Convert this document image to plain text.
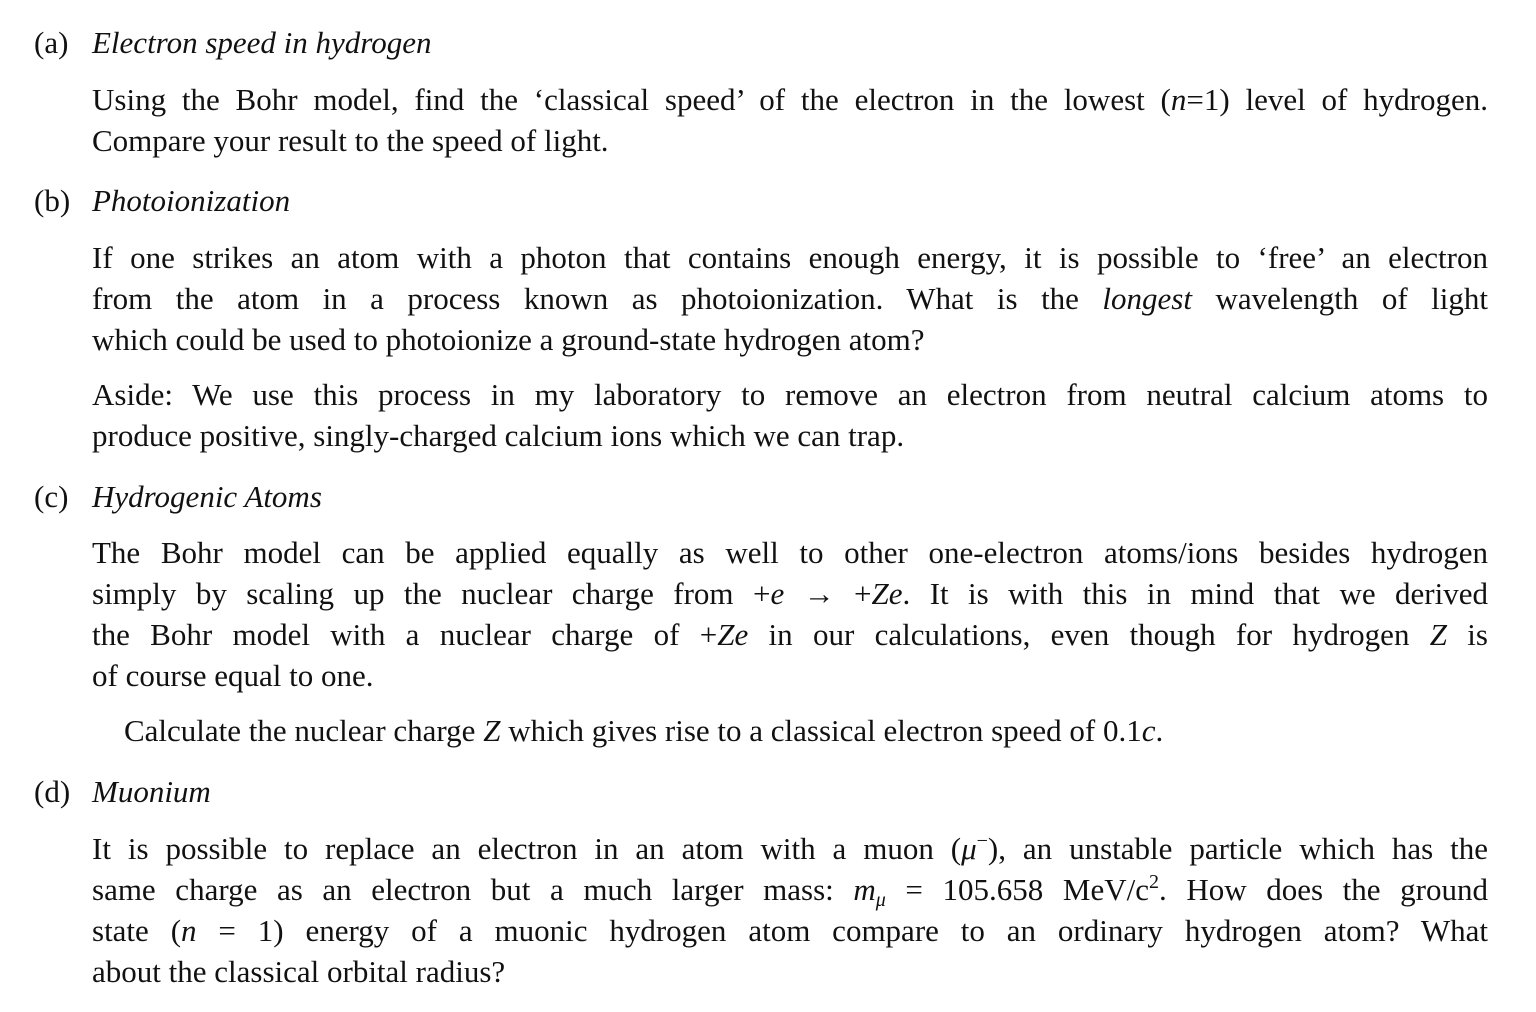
(a) Electron speed in hydrogen
Using the Bohr model, find the ‘classical speed’ of the electron in the lowest (n=1) level of hydrogen.
Compare your result to the speed of light.
(b) Photoionization
If one strikes an atom with a photon that contains enough energy, it is possible to ‘free’ an electron
from the atom in a process known as photoionization. What is the longest wavelength of light
which could be used to photoionize a ground-state hydrogen atom?
Aside: We use this process in my laboratory to remove an electron from neutral calcium atoms to
produce positive, singly-charged calcium ions which we can trap.
(c) Hydrogenic Atoms
The Bohr model can be applied equally as well to other one-electron atoms/ions besides hydrogen
simply by scaling up the nuclear charge from +e → +Ze. It is with this in mind that we derived
the Bohr model with a nuclear charge of +Ze in our calculations, even though for hydrogen Z is
of course equal to one.
Calculate the nuclear charge Z which gives rise to a classical electron speed of 0.1c.
(d) Muonium
It is possible to replace an electron in an atom with a muon (μ−), an unstable particle which has the
same charge as an electron but a much larger mass: $m_\mu = 105.658$ MeV/$c^2$. How does the ground
state (n = 1) energy of a muonic hydrogen atom compare to an ordinary hydrogen atom? What
about the classical orbital radius?
